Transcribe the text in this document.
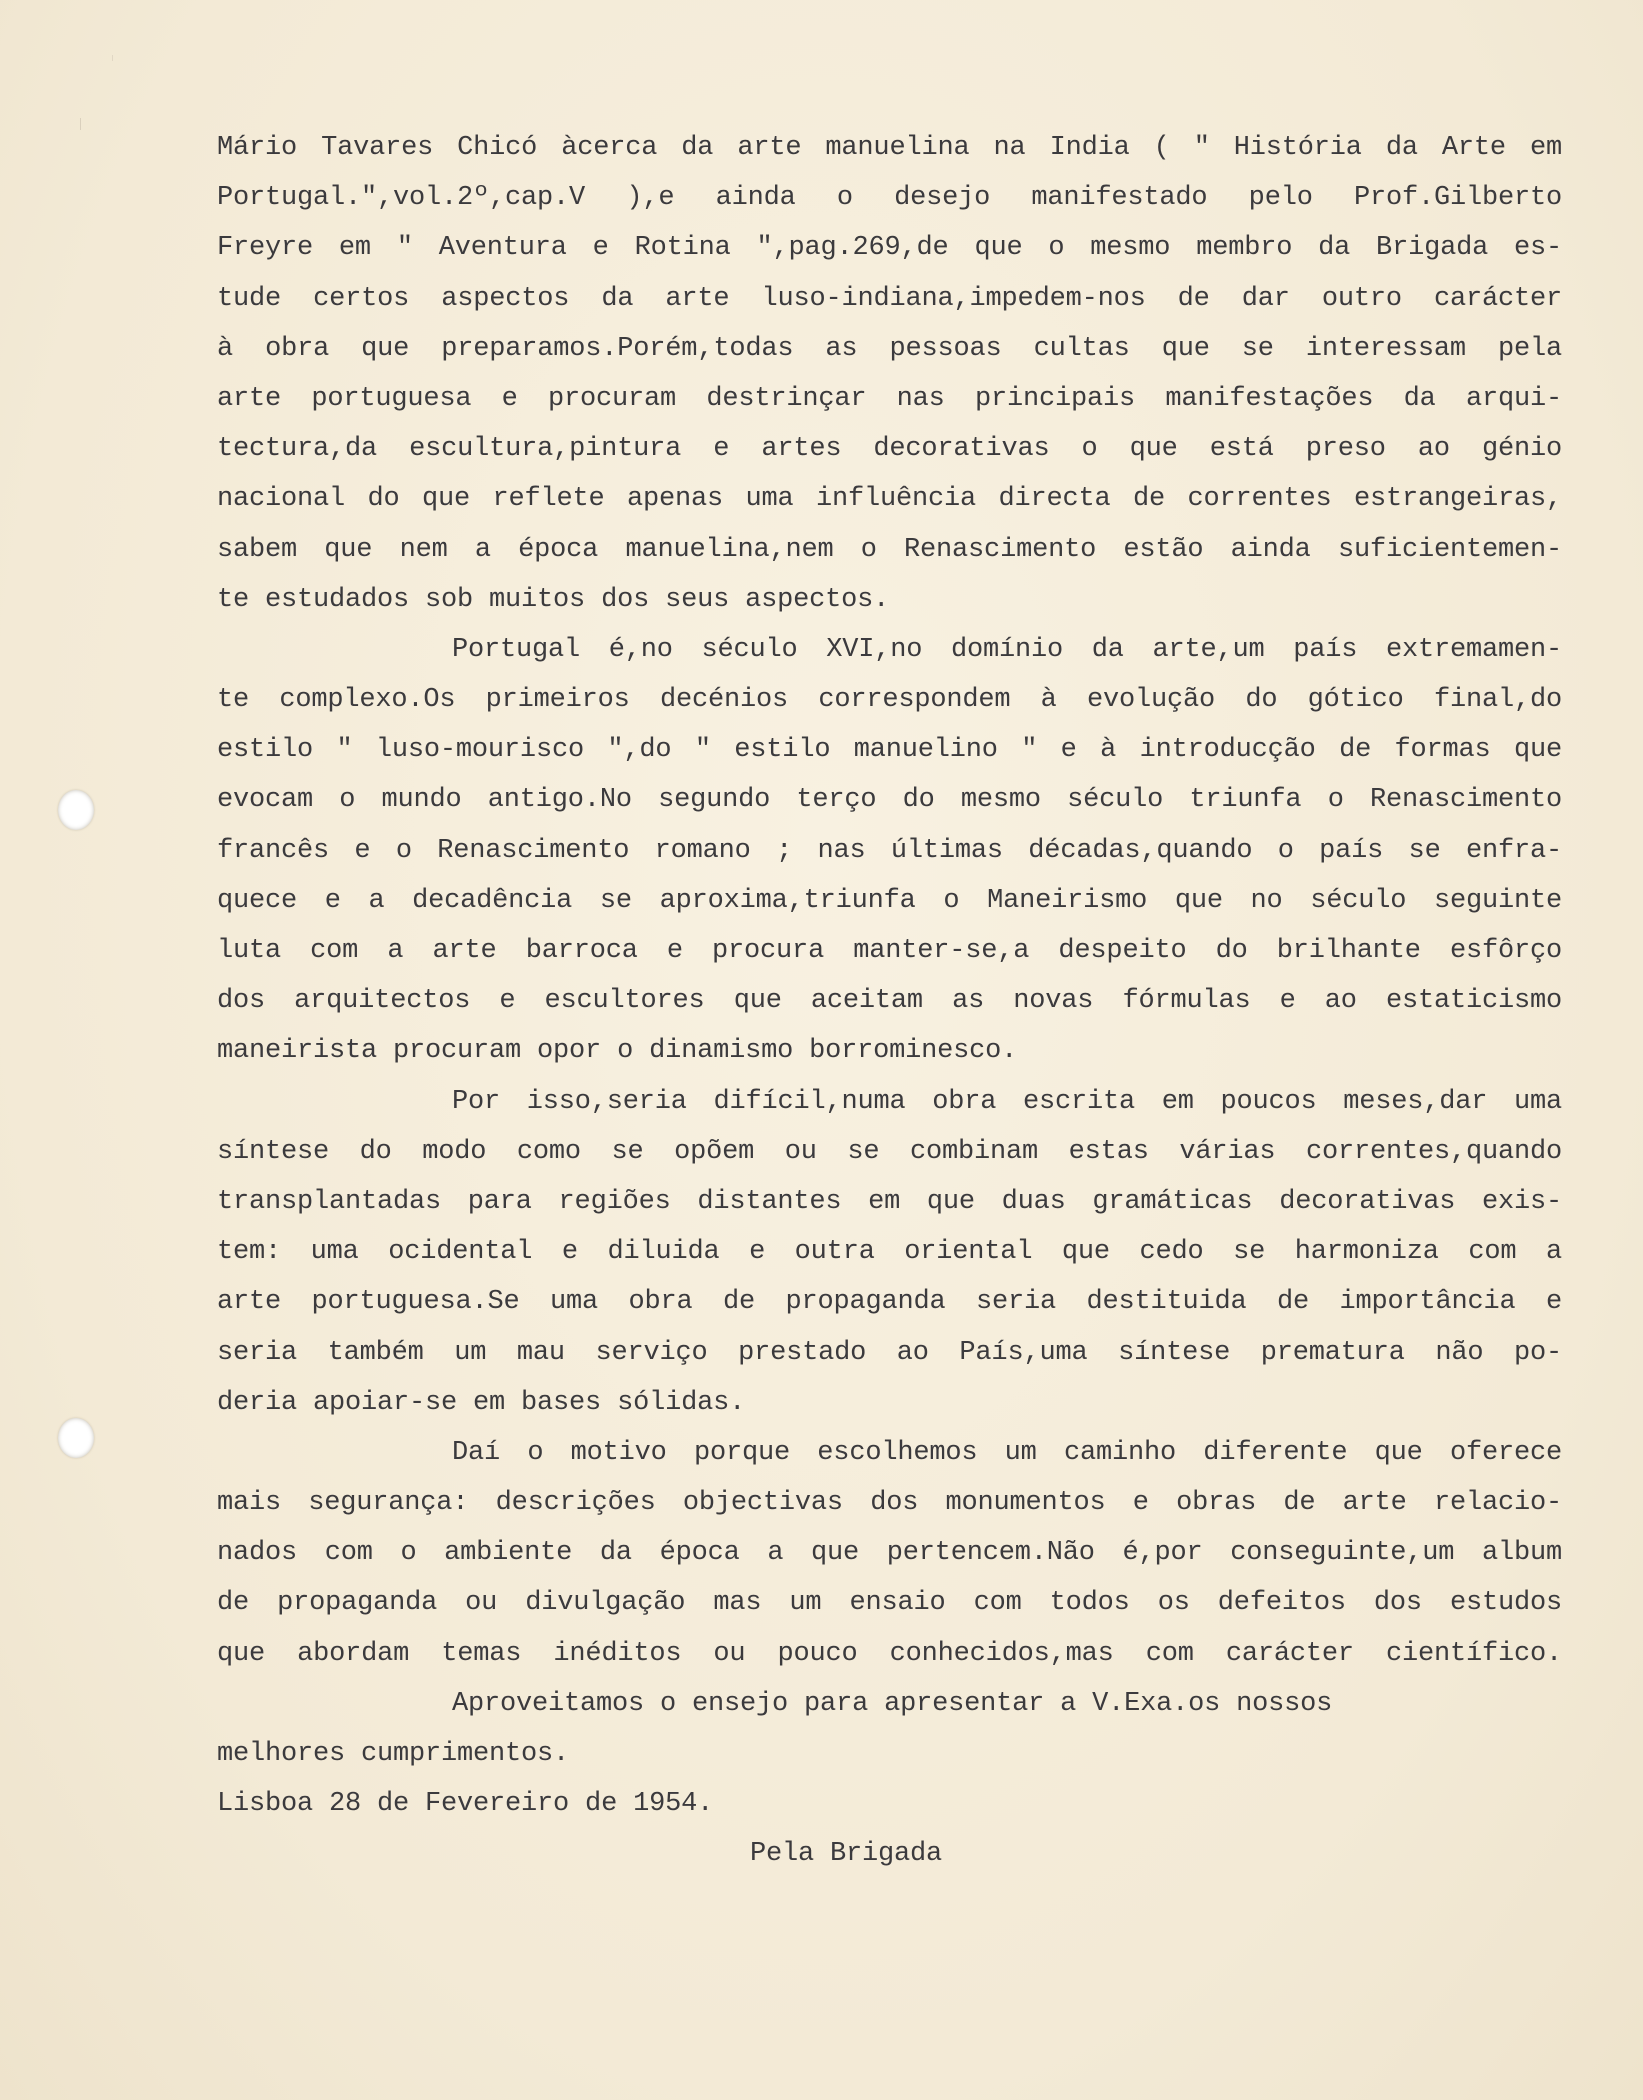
Mário Tavares Chicó àcerca da arte manuelina na India ( " História da Arte em
Portugal.",vol.2º,cap.V ),e ainda o desejo manifestado pelo Prof.Gilberto
Freyre em " Aventura e Rotina ",pag.269,de que o mesmo membro da Brigada es-
tude certos aspectos da arte luso-indiana,impedem-nos de dar outro carácter
à obra que preparamos.Porém,todas as pessoas cultas que se interessam pela
arte portuguesa e procuram destrinçar nas principais manifestações da arqui-
tectura,da escultura,pintura e artes decorativas o que está preso ao génio
nacional do que reflete apenas uma influência directa de correntes estrangeiras,
sabem que nem a época manuelina,nem o Renascimento estão ainda suficientemen-
te estudados sob muitos dos seus aspectos.
Portugal é,no século XVI,no domínio da arte,um país extremamen-
te complexo.Os primeiros decénios correspondem à evolução do gótico final,do
estilo " luso-mourisco ",do " estilo manuelino " e à introducção de formas que
evocam o mundo antigo.No segundo terço do mesmo século triunfa o Renascimento
francês e o Renascimento romano ; nas últimas décadas,quando o país se enfra-
quece e a decadência se aproxima,triunfa o Maneirismo que no século seguinte
luta com a arte barroca e procura manter-se,a despeito do brilhante esfôrço
dos arquitectos e escultores que aceitam as novas fórmulas e ao estaticismo
maneirista procuram opor o dinamismo borrominesco.
Por isso,seria difícil,numa obra escrita em poucos meses,dar uma
síntese do modo como se opõem ou se combinam estas várias correntes,quando
transplantadas para regiões distantes em que duas gramáticas decorativas exis-
tem: uma ocidental e diluida e outra oriental que cedo se harmoniza com a
arte portuguesa.Se uma obra de propaganda seria destituida de importância e
seria também um mau serviço prestado ao País,uma síntese prematura não po-
deria apoiar-se em bases sólidas.
Daí o motivo porque escolhemos um caminho diferente que oferece
mais segurança: descrições objectivas dos monumentos e obras de arte relacio-
nados com o ambiente da época a que pertencem.Não é,por conseguinte,um album
de propaganda ou divulgação mas um ensaio com todos os defeitos dos estudos
que abordam temas inéditos ou pouco conhecidos,mas com carácter científico.
Aproveitamos o ensejo para apresentar a V.Exa.os nossos
melhores cumprimentos.
Lisboa 28 de Fevereiro de 1954.
Pela Brigada
